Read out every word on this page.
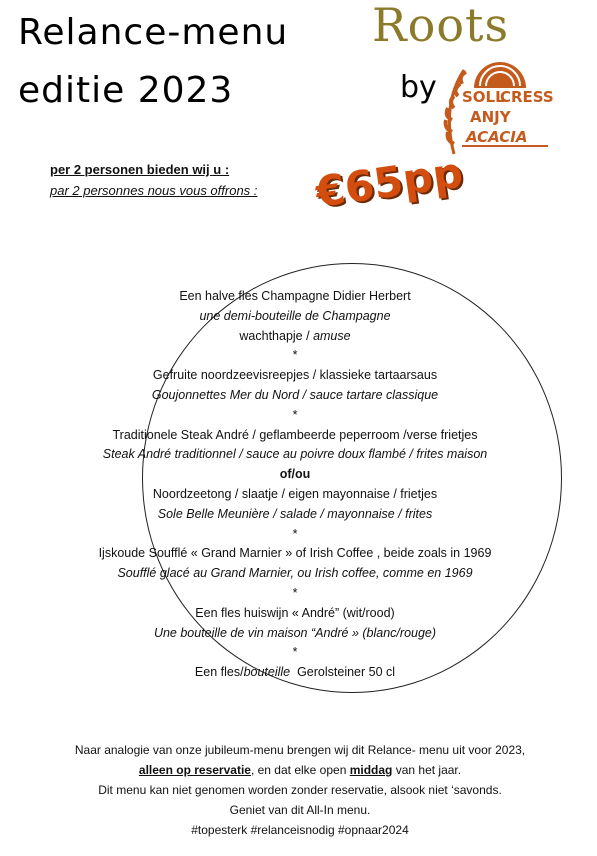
Relance-menu
editie 2023
Roots
by SOLL
CRESS
ANJY
ACACIA
per 2 personen bieden wij u :
par 2 personnes nous vous offrons : €65pp
Een halve fles Champagne Didier Herbert
une demi-bouteille de Champagne
wachthapje / amuse
*
Gefruite noordzeevisreepjes / klassieke tartaarsaus
Goujonnettes Mer du Nord / sauce tartare classique
*
Traditionele Steak André / geflambeerde peperroom /verse frietjes
Steak André traditionnel / sauce au poivre doux flambé / frites maison
of/ou
Noordzeetong / slaatje / eigen mayonnaise / frietjes
Sole Belle Meunière / salade / mayonnaise / frites
*
Ijskoude Soufflé « Grand Marnier » of Irish Coffee , beide zoals in 1969
Soufflé glacé au Grand Marnier, ou Irish coffee, comme en 1969
*
Een fles huiswijn « André” (wit/rood)
Une bouteille de vin maison “André » (blanc/rouge)
*
Een fles/bouteille  Gerolsteiner 50 cl
Naar analogie van onze jubileum-menu brengen wij dit Relance- menu uit voor 2023,
alleen op reservatie, en dat elke open middag van het jaar.
Dit menu kan niet genomen worden zonder reservatie, alsook niet ‘savonds.
Geniet van dit All-In menu.
#topesterk #relanceisnodig #opnaar2024
